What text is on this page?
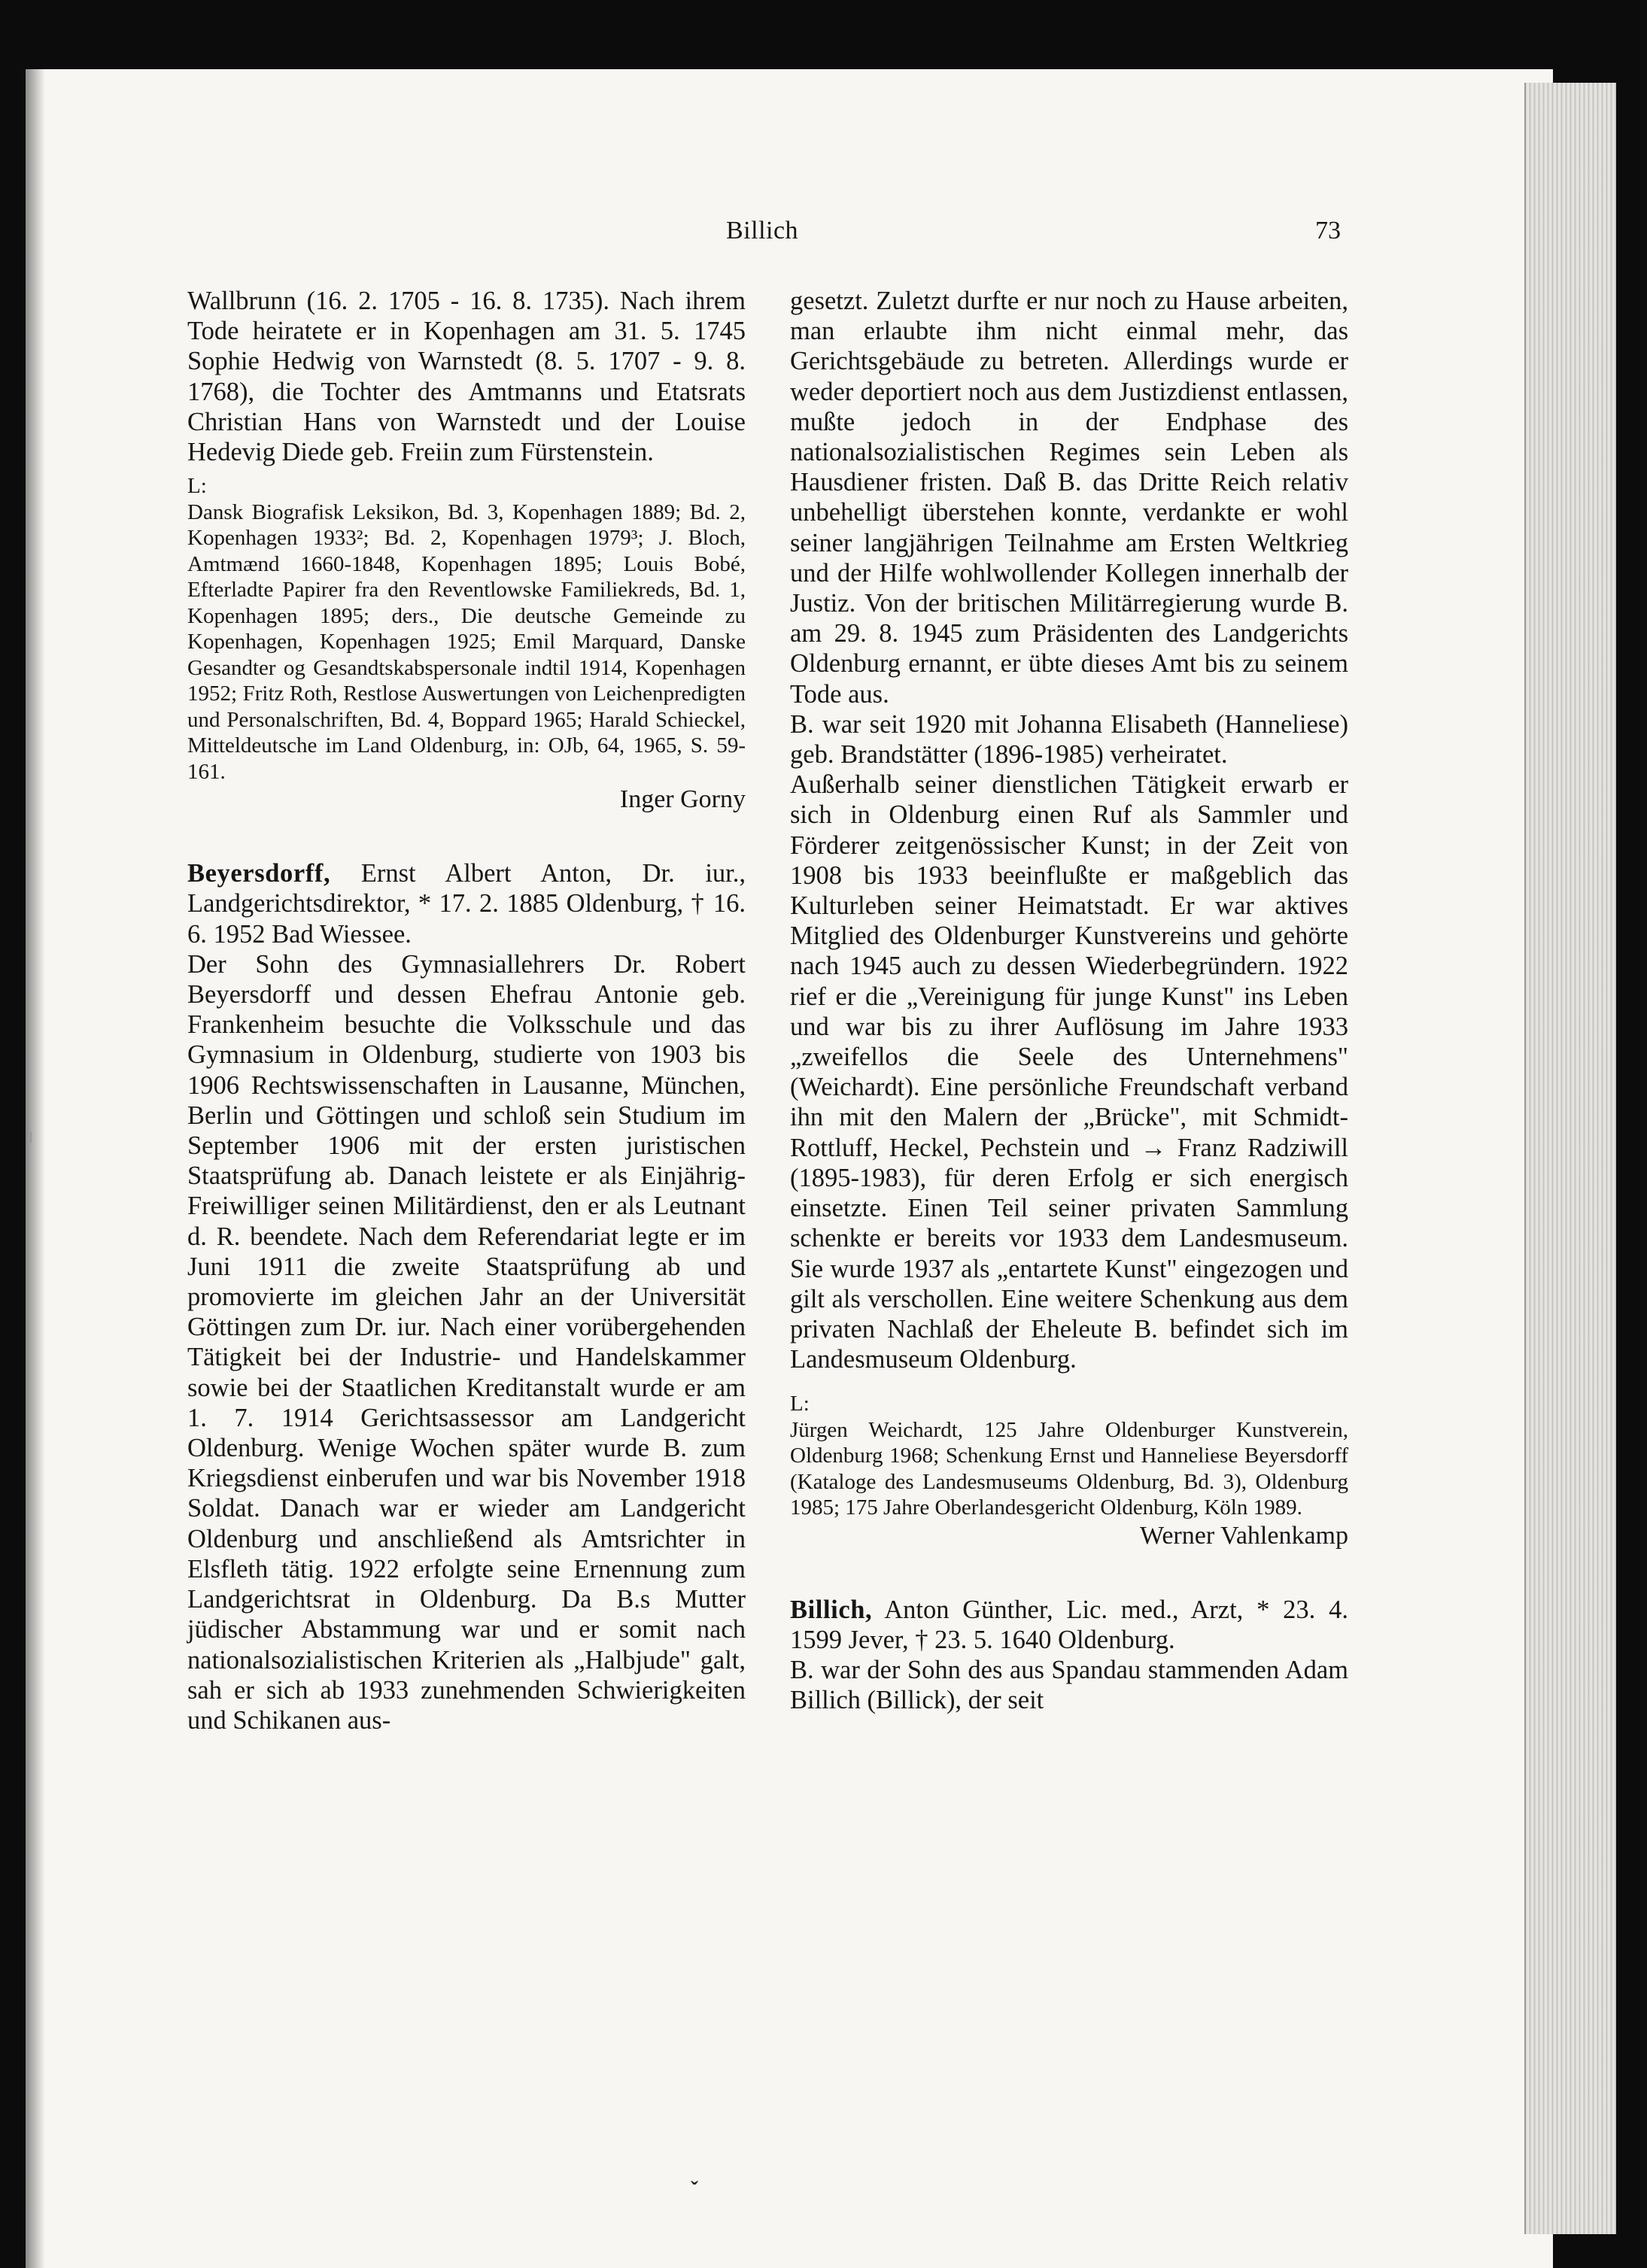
Billich	73

Wallbrunn (16. 2. 1705 - 16. 8. 1735). Nach ihrem Tode heiratete er in Kopenhagen am 31. 5. 1745 Sophie Hedwig von Warnstedt (8. 5. 1707 - 9. 8. 1768), die Tochter des Amtmanns und Etatsrats Christian Hans von Warnstedt und der Louise Hedevig Diede geb. Freiin zum Fürstenstein.

L:

Dansk Biografisk Leksikon, Bd. 3, Kopenhagen 1889; Bd. 2, Kopenhagen 1933²; Bd. 2, Kopenhagen 1979³; J. Bloch, Amtmænd 1660-1848, Kopenhagen 1895; Louis Bobé, Efterladte Papirer fra den Reventlowske Familiekreds, Bd. 1, Kopenhagen 1895; ders., Die deutsche Gemeinde zu Kopenhagen, Kopenhagen 1925; Emil Marquard, Danske Gesandter og Gesandtskabspersonale indtil 1914, Kopenhagen 1952; Fritz Roth, Restlose Auswertungen von Leichenpredigten und Personalschriften, Bd. 4, Boppard 1965; Harald Schieckel, Mitteldeutsche im Land Oldenburg, in: OJb, 64, 1965, S. 59-161.

Inger Gorny

Beyersdorff, Ernst Albert Anton, Dr. iur., Landgerichtsdirektor, * 17. 2. 1885 Oldenburg, † 16. 6. 1952 Bad Wiessee.

Der Sohn des Gymnasiallehrers Dr. Robert Beyersdorff und dessen Ehefrau Antonie geb. Frankenheim besuchte die Volksschule und das Gymnasium in Oldenburg, studierte von 1903 bis 1906 Rechtswissenschaften in Lausanne, München, Berlin und Göttingen und schloß sein Studium im September 1906 mit der ersten juristischen Staatsprüfung ab. Danach leistete er als Einjährig-Freiwilliger seinen Militärdienst, den er als Leutnant d. R. beendete. Nach dem Referendariat legte er im Juni 1911 die zweite Staatsprüfung ab und promovierte im gleichen Jahr an der Universität Göttingen zum Dr. iur. Nach einer vorübergehenden Tätigkeit bei der Industrie- und Handelskammer sowie bei der Staatlichen Kreditanstalt wurde er am 1. 7. 1914 Gerichtsassessor am Landgericht Oldenburg. Wenige Wochen später wurde B. zum Kriegsdienst einberufen und war bis November 1918 Soldat. Danach war er wieder am Landgericht Oldenburg und anschließend als Amtsrichter in Elsfleth tätig. 1922 erfolgte seine Ernennung zum Landgerichtsrat in Oldenburg. Da B.s Mutter jüdischer Abstammung war und er somit nach nationalsozialistischen Kriterien als „Halbjude" galt, sah er sich ab 1933 zunehmenden Schwierigkeiten und Schikanen aus-

gesetzt. Zuletzt durfte er nur noch zu Hause arbeiten, man erlaubte ihm nicht einmal mehr, das Gerichtsgebäude zu betreten. Allerdings wurde er weder deportiert noch aus dem Justizdienst entlassen, mußte jedoch in der Endphase des nationalsozialistischen Regimes sein Leben als Hausdiener fristen. Daß B. das Dritte Reich relativ unbehelligt überstehen konnte, verdankte er wohl seiner langjährigen Teilnahme am Ersten Weltkrieg und der Hilfe wohlwollender Kollegen innerhalb der Justiz. Von der britischen Militärregierung wurde B. am 29. 8. 1945 zum Präsidenten des Landgerichts Oldenburg ernannt, er übte dieses Amt bis zu seinem Tode aus.

B. war seit 1920 mit Johanna Elisabeth (Hanneliese) geb. Brandstätter (1896-1985) verheiratet.

Außerhalb seiner dienstlichen Tätigkeit erwarb er sich in Oldenburg einen Ruf als Sammler und Förderer zeitgenössischer Kunst; in der Zeit von 1908 bis 1933 beeinflußte er maßgeblich das Kulturleben seiner Heimatstadt. Er war aktives Mitglied des Oldenburger Kunstvereins und gehörte nach 1945 auch zu dessen Wiederbegründern. 1922 rief er die „Vereinigung für junge Kunst" ins Leben und war bis zu ihrer Auflösung im Jahre 1933 „zweifellos die Seele des Unternehmens" (Weichardt). Eine persönliche Freundschaft verband ihn mit den Malern der „Brücke", mit Schmidt-Rottluff, Heckel, Pechstein und → Franz Radziwill (1895-1983), für deren Erfolg er sich energisch einsetzte. Einen Teil seiner privaten Sammlung schenkte er bereits vor 1933 dem Landesmuseum. Sie wurde 1937 als „entartete Kunst" eingezogen und gilt als verschollen. Eine weitere Schenkung aus dem privaten Nachlaß der Eheleute B. befindet sich im Landesmuseum Oldenburg.

L:

Jürgen Weichardt, 125 Jahre Oldenburger Kunstverein, Oldenburg 1968; Schenkung Ernst und Hanneliese Beyersdorff (Kataloge des Landesmuseums Oldenburg, Bd. 3), Oldenburg 1985; 175 Jahre Oberlandesgericht Oldenburg, Köln 1989.

Werner Vahlenkamp

Billich, Anton Günther, Lic. med., Arzt, * 23. 4. 1599 Jever, † 23. 5. 1640 Oldenburg.

B. war der Sohn des aus Spandau stammenden Adam Billich (Billick), der seit

ˇ
